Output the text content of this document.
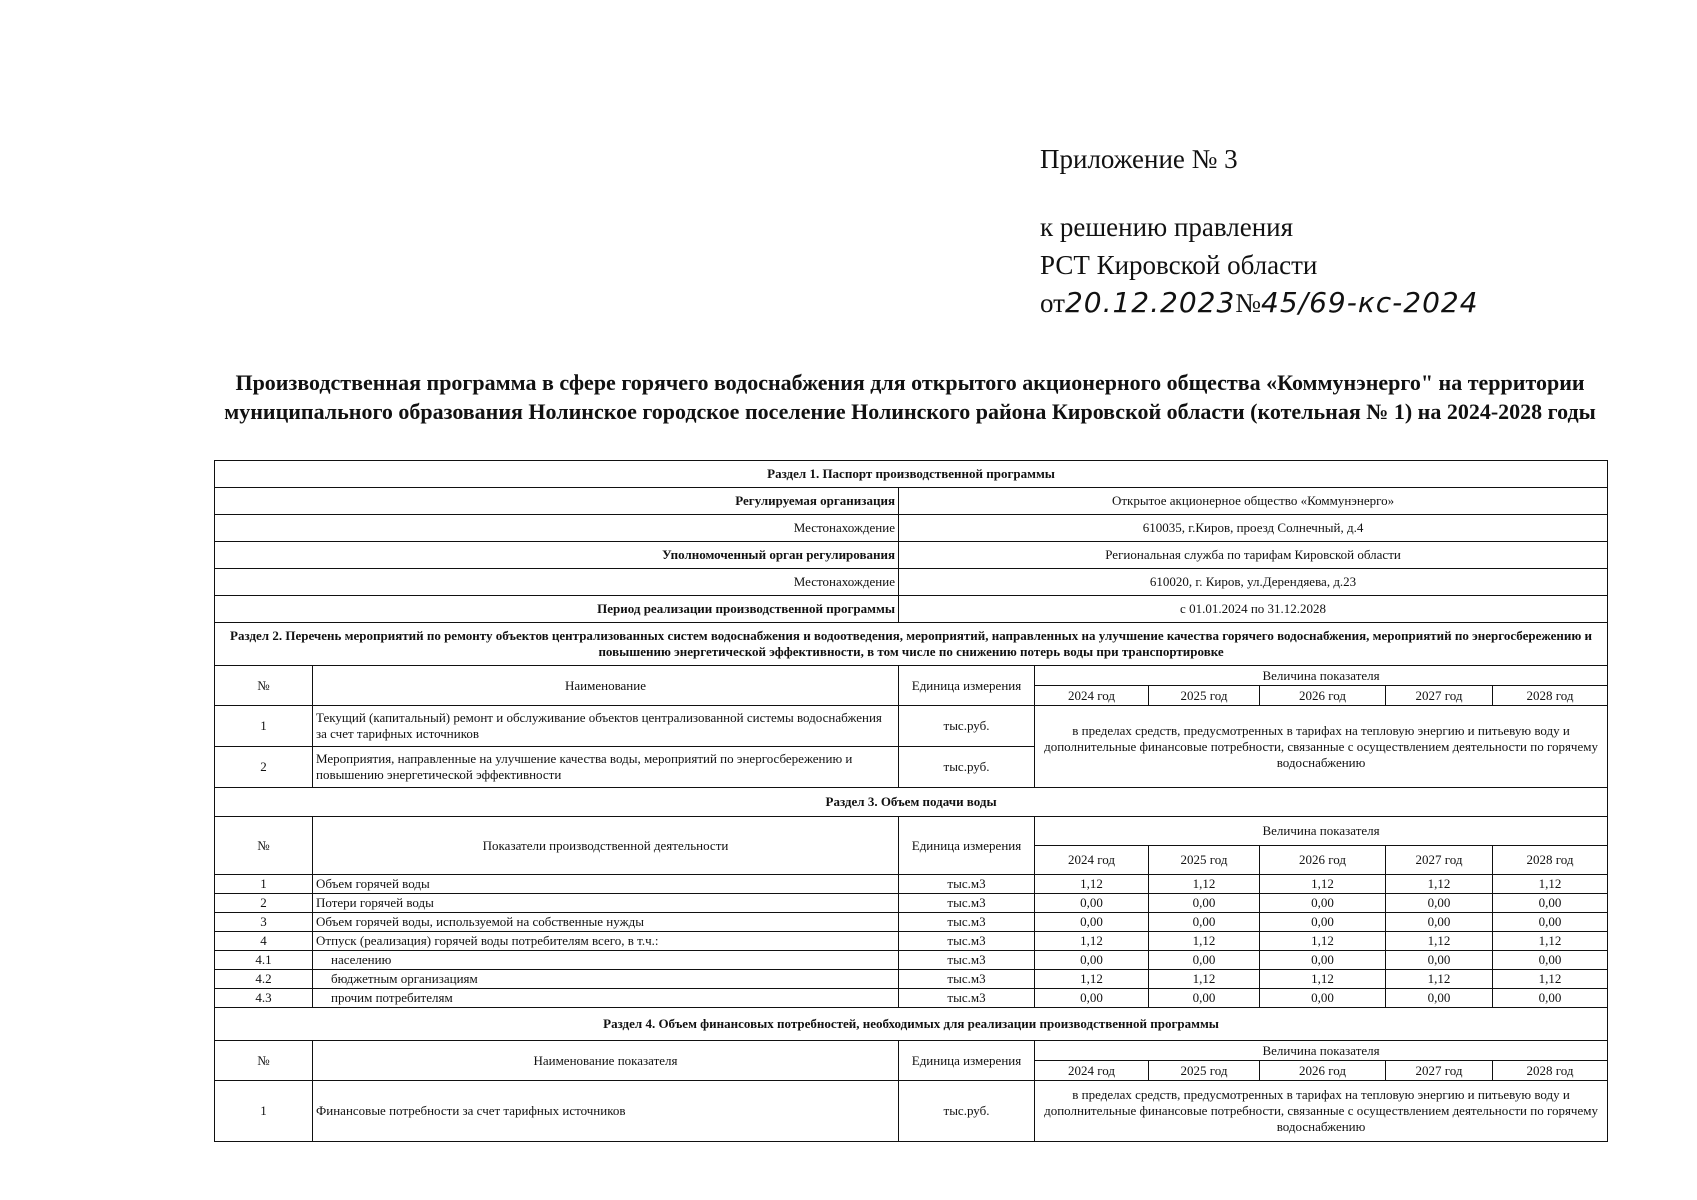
Приложение № 3
к решению правления
РСТ Кировской области
от20.12.2023№45/69-кс-2024
Производственная программа в сфере горячего водоснабжения для открытого акционерного общества «Коммунэнерго" на территории муниципального образования Нолинское городское поселение Нолинского района Кировской области (котельная № 1) на 2024-2028 годы
Раздел 1. Паспорт производственной программы							
Регулируемая организация		Открытое акционерное общество «Коммунэнерго»					
Местонахождение		610035, г.Киров, проезд Солнечный, д.4					
Уполномоченный орган регулирования		Региональная служба по тарифам Кировской области					
Местонахождение		610020, г. Киров, ул.Дерендяева, д.23					
Период реализации производственной программы		с 01.01.2024 по 31.12.2028					
Раздел 2. Перечень мероприятий по ремонту объектов централизованных систем водоснабжения и водоотведения, мероприятий, направленных на улучшение качества горячего водоснабжения, мероприятий по энергосбережению и повышению энергетической эффективности, в том числе по снижению потерь воды при транспортировке							
№	Наименование	Единица измерения	Величина показателя				
			2024 год	2025 год	2026 год	2027 год	2028 год
1	Текущий (капитальный) ремонт и обслуживание объектов централизованной системы водоснабжения за счет тарифных источников	тыс.руб.	в пределах средств, предусмотренных в тарифах на тепловую энергию и питьевую воду и дополнительные финансовые потребности, связанные с осуществлением деятельности по горячему водоснабжению				
2	Мероприятия, направленные на улучшение качества воды, мероприятий по энергосбережению и повышению энергетической эффективности	тыс.руб.					
Раздел 3. Объем подачи воды							
№	Показатели производственной деятельности	Единица измерения	Величина показателя				
			2024 год	2025 год	2026 год	2027 год	2028 год
1	Объем горячей воды	тыс.м3	1,12	1,12	1,12	1,12	1,12
2	Потери горячей воды	тыс.м3	0,00	0,00	0,00	0,00	0,00
3	Объем горячей воды, используемой на собственные нужды	тыс.м3	0,00	0,00	0,00	0,00	0,00
4	Отпуск (реализация) горячей воды потребителям всего, в т.ч.:	тыс.м3	1,12	1,12	1,12	1,12	1,12
4.1	населению	тыс.м3	0,00	0,00	0,00	0,00	0,00
4.2	бюджетным организациям	тыс.м3	1,12	1,12	1,12	1,12	1,12
4.3	прочим потребителям	тыс.м3	0,00	0,00	0,00	0,00	0,00
Раздел 4. Объем финансовых потребностей, необходимых для реализации производственной программы							
№	Наименование показателя	Единица измерения	Величина показателя				
			2024 год	2025 год	2026 год	2027 год	2028 год
1	Финансовые потребности за счет тарифных источников	тыс.руб.	в пределах средств, предусмотренных в тарифах на тепловую энергию и питьевую воду и дополнительные финансовые потребности, связанные с осуществлением деятельности по горячему водоснабжению				
